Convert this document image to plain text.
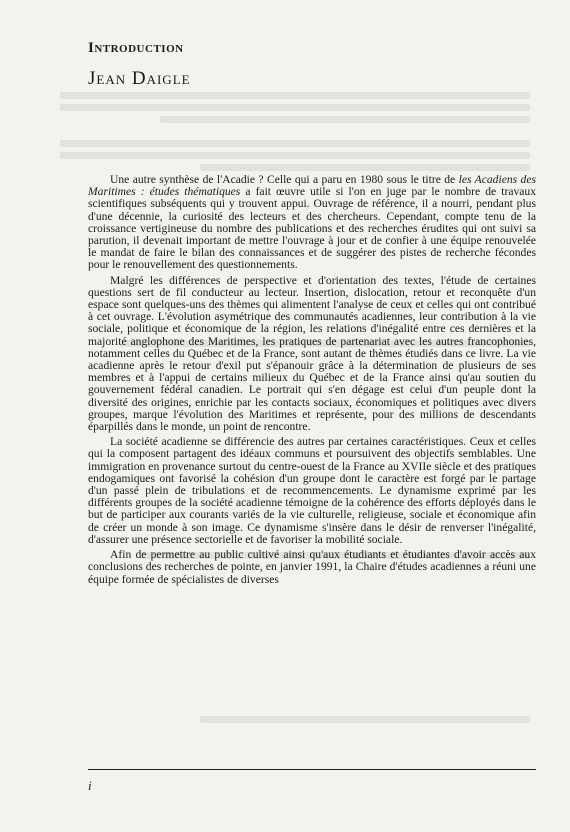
Introduction
Jean Daigle

Une autre synthèse de l'Acadie ? Celle qui a paru en 1980 sous le titre de les Acadiens des Maritimes : études thématiques a fait œuvre utile si l'on en juge par le nombre de travaux scientifiques subséquents qui y trouvent appui. Ouvrage de référence, il a nourri, pendant plus d'une décennie, la curiosité des lecteurs et des chercheurs. Cependant, compte tenu de la croissance vertigineuse du nombre des publications et des recherches érudites qui ont suivi sa parution, il devenait important de mettre l'ouvrage à jour et de confier à une équipe renouvelée le mandat de faire le bilan des connaissances et de suggérer des pistes de recherche fécondes pour le renouvellement des questionnements.

Malgré les différences de perspective et d'orientation des textes, l'étude de certaines questions sert de fil conducteur au lecteur. Insertion, dislocation, retour et reconquête d'un espace sont quelques-uns des thèmes qui alimentent l'analyse de ceux et celles qui ont contribué à cet ouvrage. L'évolution asymétrique des communautés acadiennes, leur contribution à la vie sociale, politique et économique de la région, les relations d'inégalité entre ces dernières et la majorité anglophone des Maritimes, les pratiques de partenariat avec les autres francophonies, notamment celles du Québec et de la France, sont autant de thèmes étudiés dans ce livre. La vie acadienne après le retour d'exil put s'épanouir grâce à la détermination de plusieurs de ses membres et à l'appui de certains milieux du Québec et de la France ainsi qu'au soutien du gouvernement fédéral canadien. Le portrait qui s'en dégage est celui d'un peuple dont la diversité des origines, enrichie par les contacts sociaux, économiques et politiques avec divers groupes, marque l'évolution des Maritimes et représente, pour des millions de descendants éparpillés dans le monde, un point de rencontre.

La société acadienne se différencie des autres par certaines caractéristiques. Ceux et celles qui la composent partagent des idéaux communs et poursuivent des objectifs semblables. Une immigration en provenance surtout du centre-ouest de la France au XVIIe siècle et des pratiques endogamiques ont favorisé la cohésion d'un groupe dont le caractère est forgé par le partage d'un passé plein de tribulations et de recommencements. Le dynamisme exprimé par les différents groupes de la société acadienne témoigne de la cohérence des efforts déployés dans le but de participer aux courants variés de la vie culturelle, religieuse, sociale et économique afin de créer un monde à son image. Ce dynamisme s'insère dans le désir de renverser l'inégalité, d'assurer une présence sectorielle et de favoriser la mobilité sociale.

Afin de permettre au public cultivé ainsi qu'aux étudiants et étudiantes d'avoir accès aux conclusions des recherches de pointe, en janvier 1991, la Chaire d'études acadiennes a réuni une équipe formée de spécialistes de diverses

i
